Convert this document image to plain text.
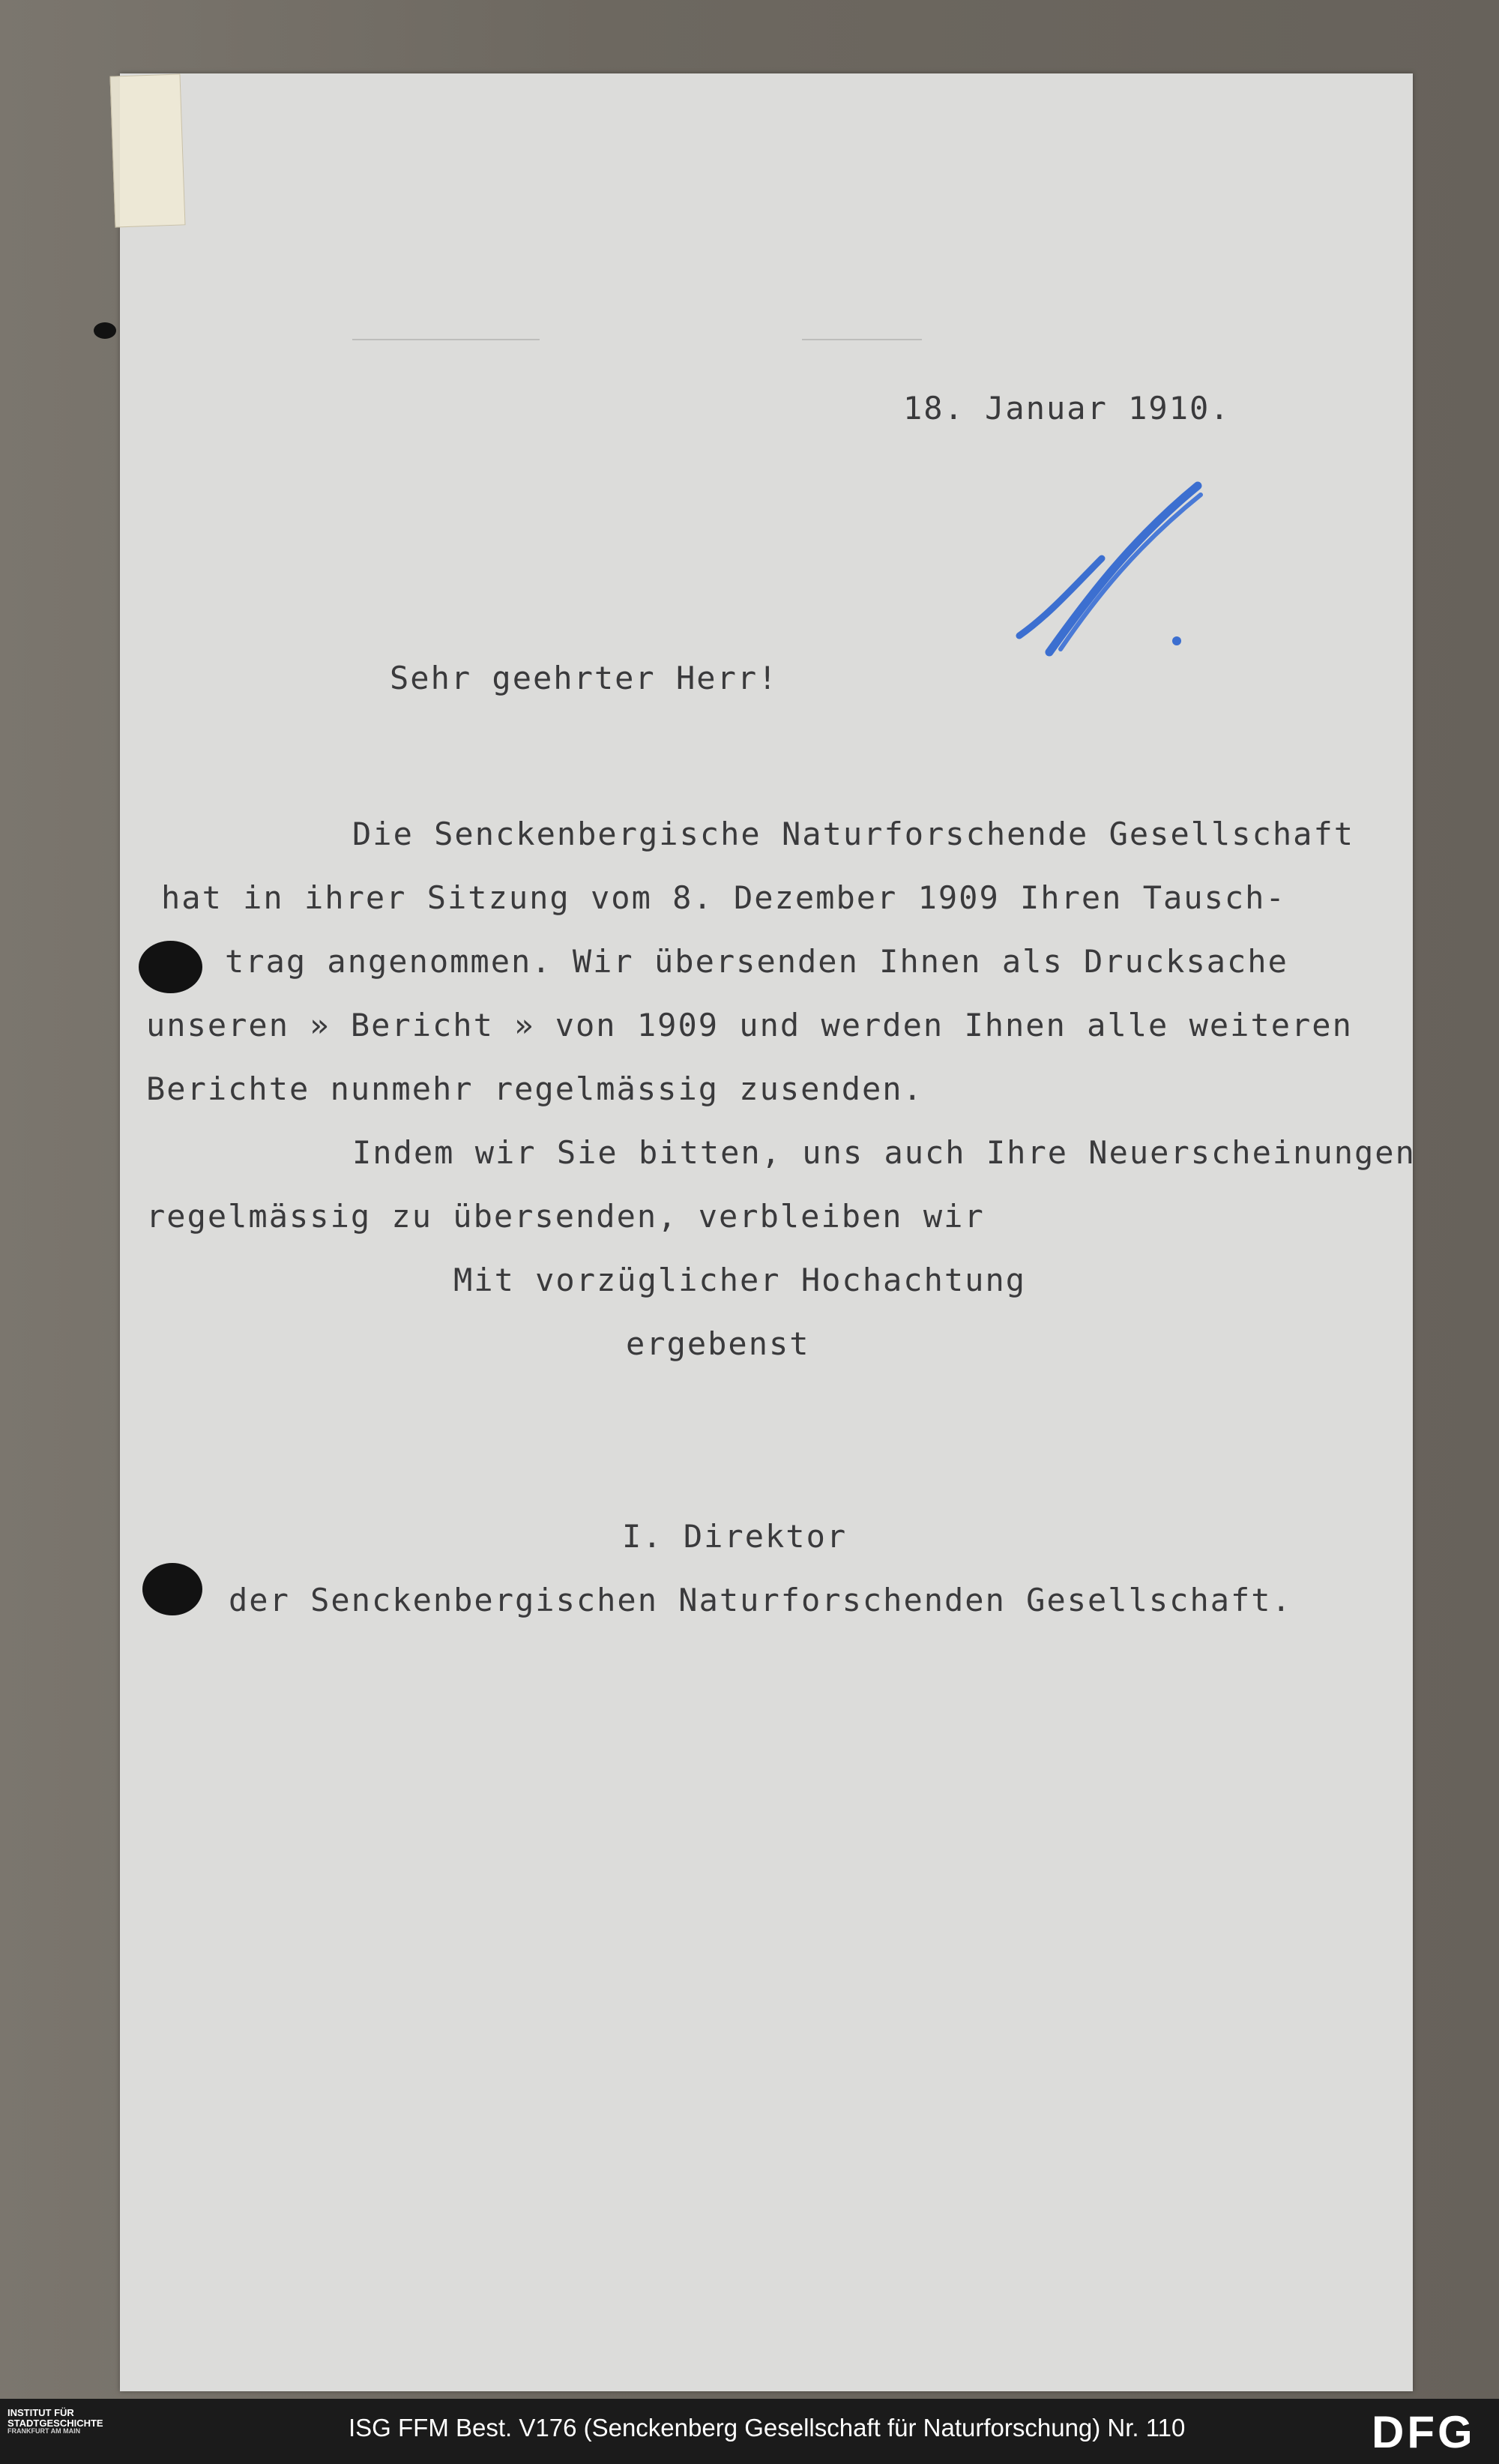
18. Januar 1910.
Sehr geehrter Herr!
Die Senckenbergische Naturforschende Gesellschaft
hat in ihrer Sitzung vom 8. Dezember 1909 Ihren Tausch-
trag angenommen. Wir übersenden Ihnen als Drucksache
unseren » Bericht » von 1909 und werden Ihnen alle weiteren
Berichte nunmehr regelmässig zusenden.
Indem wir Sie bitten, uns auch Ihre Neuerscheinungen
regelmässig zu übersenden, verbleiben wir
Mit vorzüglicher Hochachtung
ergebenst
I. Direktor
der Senckenbergischen Naturforschenden Gesellschaft.
INSTITUT FÜR
STADTGESCHICHTE
FRANKFURT AM MAIN	ISG FFM Best. V176 (Senckenberg Gesellschaft für Naturforschung) Nr. 110	DFG
